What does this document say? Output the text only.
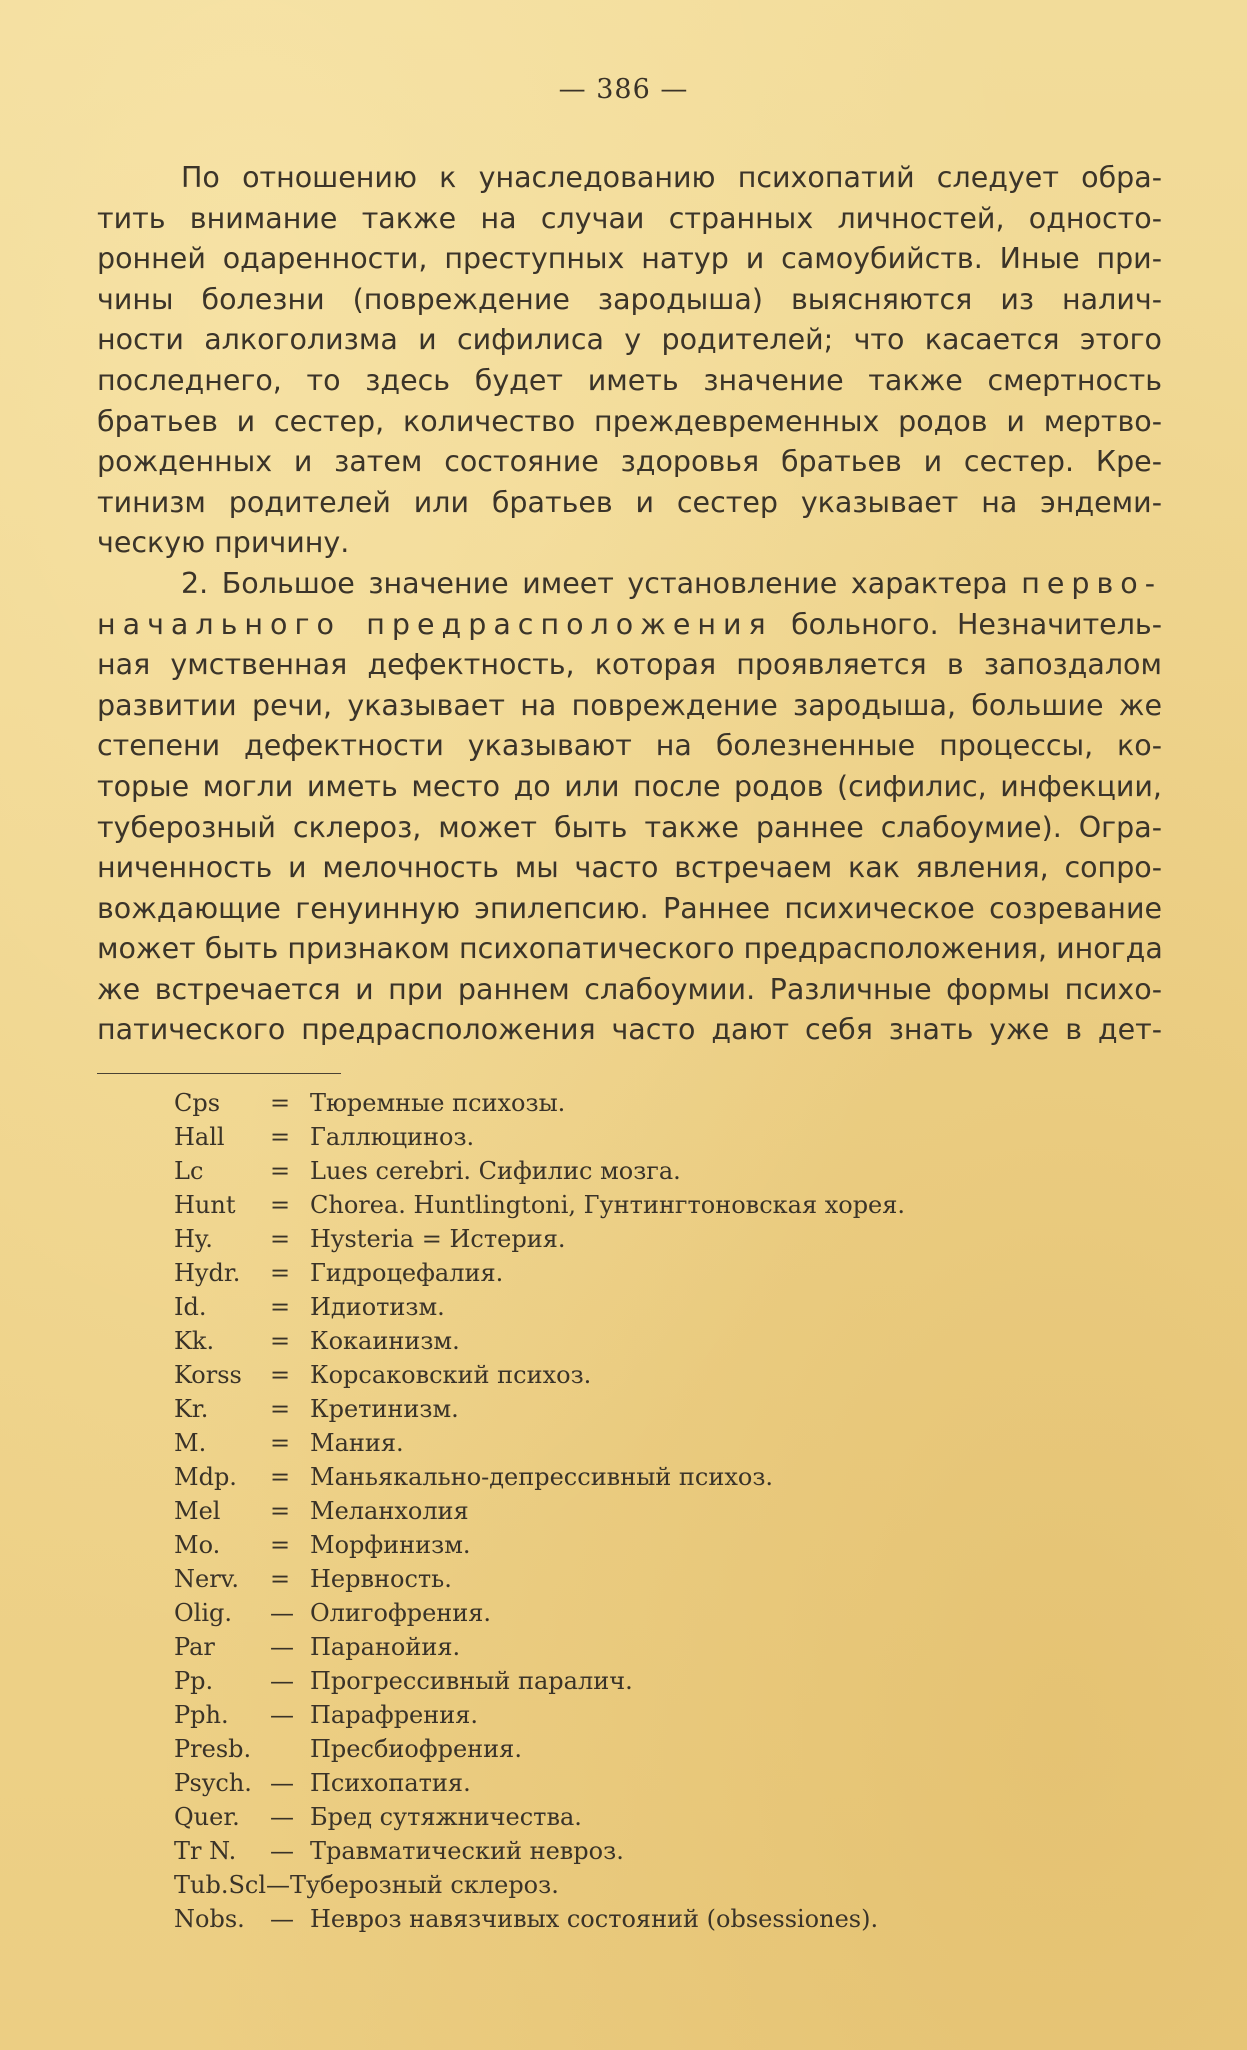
— 386 —
По отношению к унаследованию психопатий следует обра-
тить внимание также на случаи странных личностей, односто-
ронней одаренности, преступных натур и самоубийств. Иные при-
чины болезни (повреждение зародыша) выясняются из налич-
ности алкоголизма и сифилиса у родителей; что касается этого
последнего, то здесь будет иметь значение также смертность
братьев и сестер, количество преждевременных родов и мертво-
рожденных и затем состояние здоровья братьев и сестер. Кре-
тинизм родителей или братьев и сестер указывает на эндеми-
ческую причину.
2. Большое значение имеет установление характера перво-
начального предрасположения больного. Незначитель-
ная умственная дефектность, которая проявляется в запоздалом
развитии речи, указывает на повреждение зародыша, большие же
степени дефектности указывают на болезненные процессы, ко-
торые могли иметь место до или после родов (сифилис, инфекции,
туберозный склероз, может быть также раннее слабоумие). Огра-
ниченность и мелочность мы часто встречаем как явления, сопро-
вождающие генуинную эпилепсию. Раннее психическое созревание
может быть признаком психопатического предрасположения, иногда
же встречается и при раннем слабоумии. Различные формы психо-
патического предрасположения часто дают себя знать уже в дет-
Cps = Тюремные психозы.
Hall = Галлюциноз.
Lc	= Lues cerebri. Сифилис мозга.
Hunt = Chorea. Huntlingtoni, Гунтингтоновская хорея.
Hy. = Hysteria = Истерия.
Hydr. = Гидроцефалия.
Id.	= Идиотизм.
Kk. = Кокаинизм.
Korss = Корсаковский психоз.
Kr.	= Кретинизм.
M.	= Мания.
Mdp. = Маньякально-депрессивный психоз.
Mel = Меланхолия
Mo. = Морфинизм.
Nerv. = Нервность.
Olig. — Олигофрения.
Par — Паранойия.
Pp. — Прогрессивный паралич.
Pph. — Парафрения.
Presb. Пресбиофрения.
Psych. — Психопатия.
Quer. — Бред сутяжничества.
Tr N. — Травматический невроз.
Tub.Scl—Туберозный склероз.
Nobs. — Невроз навязчивых состояний (obsessiones).
